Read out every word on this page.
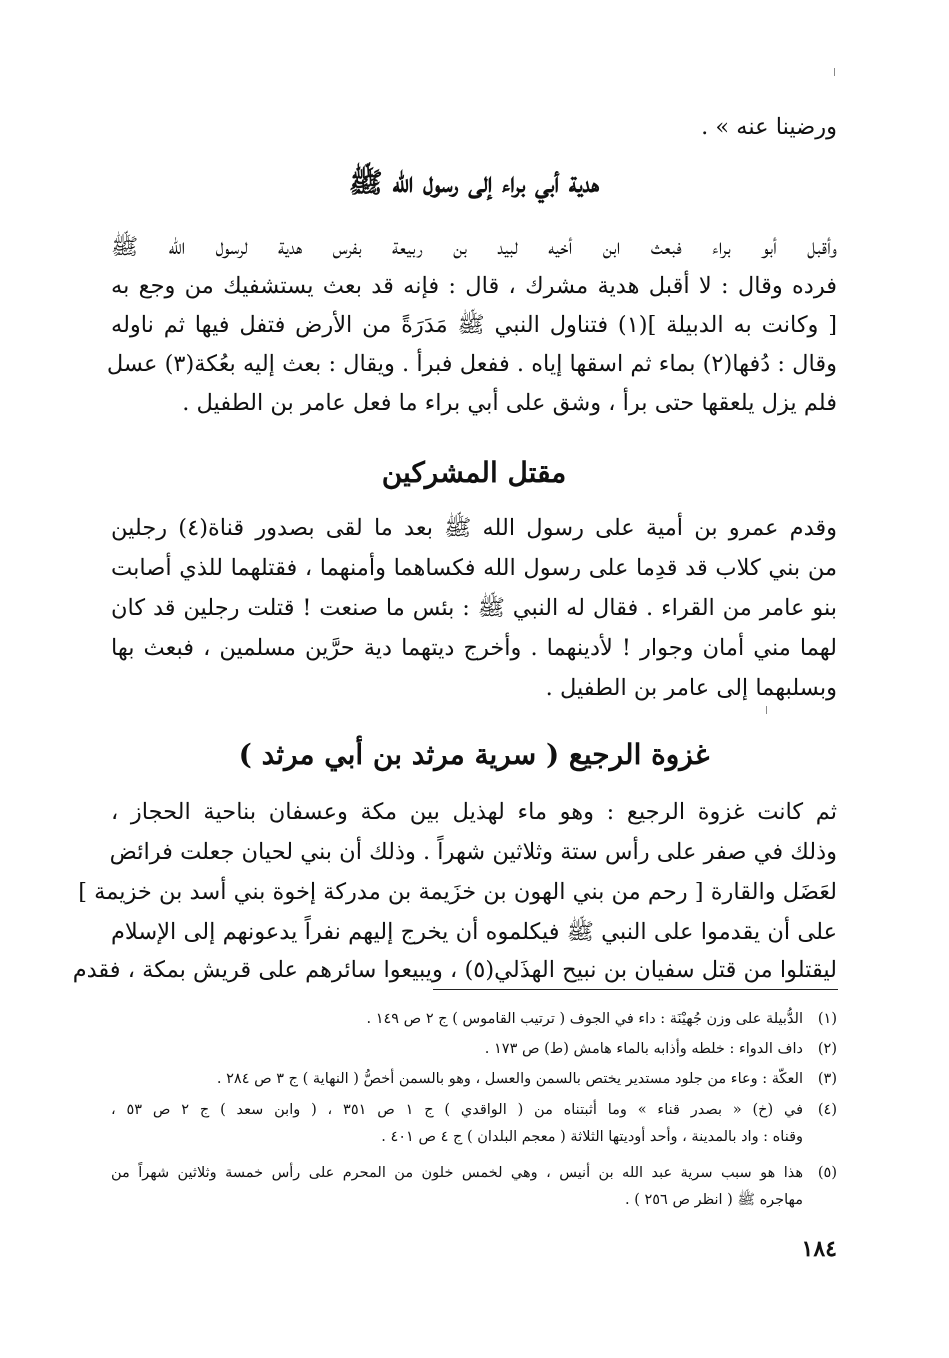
ورضينا عنه » .
هدية أبي براء إلى رسول الله ﷺ
وأقبل أبو براء فبعث ابن أخيه لبيد بن ربيعة بفرس هدية لرسول الله ﷺ
فرده وقال : لا أقبل هدية مشرك ، قال : فإنه قد بعث يستشفيك من وجع به
[ وكانت به الدبيلة ](١) فتناول النبي ﷺ مَدَرَةً من الأرض فتفل فيها ثم ناوله
وقال : دُفها(٢) بماء ثم اسقها إياه . ففعل فبرأ . ويقال : بعث إليه بعُكة(٣) عسل
فلم يزل يلعقها حتى برأ ، وشق على أبي براء ما فعل عامر بن الطفيل .
مقتل المشركين
وقدم عمرو بن أمية على رسول الله ﷺ بعد ما لقى بصدور قناة(٤) رجلين
من بني كلاب قد قدِما على رسول الله فكساهما وأمنهما ، فقتلهما للذي أصابت
بنو عامر من القراء . فقال له النبي ﷺ : بئس ما صنعت ! قتلت رجلين قد كان
لهما مني أمان وجوار ! لأدينهما . وأخرج ديتهما دية حرَّين مسلمين ، فبعث بها
وبسلبهما إلى عامر بن الطفيل .
غزوة الرجيع ( سرية مرثد بن أبي مرثد )
ثم كانت غزوة الرجيع : وهو ماء لهذيل بين مكة وعسفان بناحية الحجاز ،
وذلك في صفر على رأس ستة وثلاثين شهراً . وذلك أن بني لحيان جعلت فرائض
لعَضَل والقارة [ رحم من بني الهون بن خزَيمة بن مدركة إخوة بني أسد بن خزيمة ]
على أن يقدموا على النبي ﷺ فيكلموه أن يخرج إليهم نفراً يدعونهم إلى الإسلام
ليقتلوا من قتل سفيان بن نبيح الهذَلي(٥) ، ويبيعوا سائرهم على قريش بمكة ، فقدم
(١)
الدُّبيلة على وزن جُهيْنَة : داء في الجوف ( ترتيب القاموس ) ج ٢ ص ١٤٩ .
(٢)
داف الدواء : خلطه وأذابه بالماء هامش (ط) ص ١٧٣ .
(٣)
العكّة : وعاء من جلود مستدير يختص بالسمن والعسل ، وهو بالسمن أخصُّ ( النهاية ) ج ٣ ص ٢٨٤ .
(٤)
في (خ) « بصدر قناء » وما أثبتناه من ( الواقدي ) ج ١ ص ٣٥١ ، ( وابن سعد ) ج ٢ ص ٥٣ ،
وقناه : واد بالمدينة ، وأحد أوديتها الثلاثة ( معجم البلدان ) ج ٤ ص ٤٠١ .
(٥)
هذا هو سبب سرية عبد الله بن أنيس ، وهي لخمس خلون من المحرم على رأس خمسة وثلاثين شهراً من
مهاجره ﷺ ( انظر ص ٢٥٦ ) .
١٨٤
